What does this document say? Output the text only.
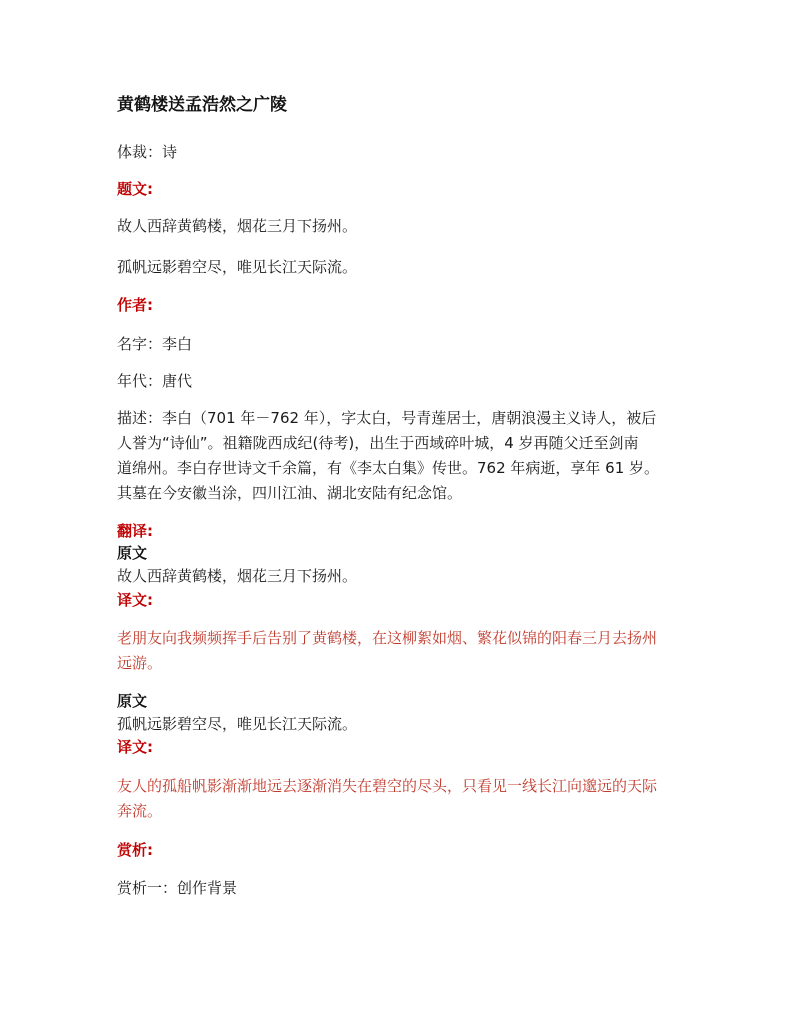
黄鹤楼送孟浩然之广陵
体裁：诗
题文:
故人西辞黄鹤楼，烟花三月下扬州。
孤帆远影碧空尽，唯见长江天际流。
作者:
名字：李白
年代：唐代
描述：李白（701 年－762 年），字太白，号青莲居士，唐朝浪漫主义诗人，被后
人誉为“诗仙”。祖籍陇西成纪(待考)，出生于西域碎叶城，4 岁再随父迁至剑南
道绵州。李白存世诗文千余篇，有《李太白集》传世。762 年病逝，享年 61 岁。
其墓在今安徽当涂，四川江油、湖北安陆有纪念馆。
翻译:
原文
故人西辞黄鹤楼，烟花三月下扬州。
译文:
老朋友向我频频挥手后告别了黄鹤楼，在这柳絮如烟、繁花似锦的阳春三月去扬州
远游。
原文
孤帆远影碧空尽，唯见长江天际流。
译文:
友人的孤船帆影渐渐地远去逐渐消失在碧空的尽头，只看见一线长江向邈远的天际
奔流。
赏析:
赏析一：创作背景
